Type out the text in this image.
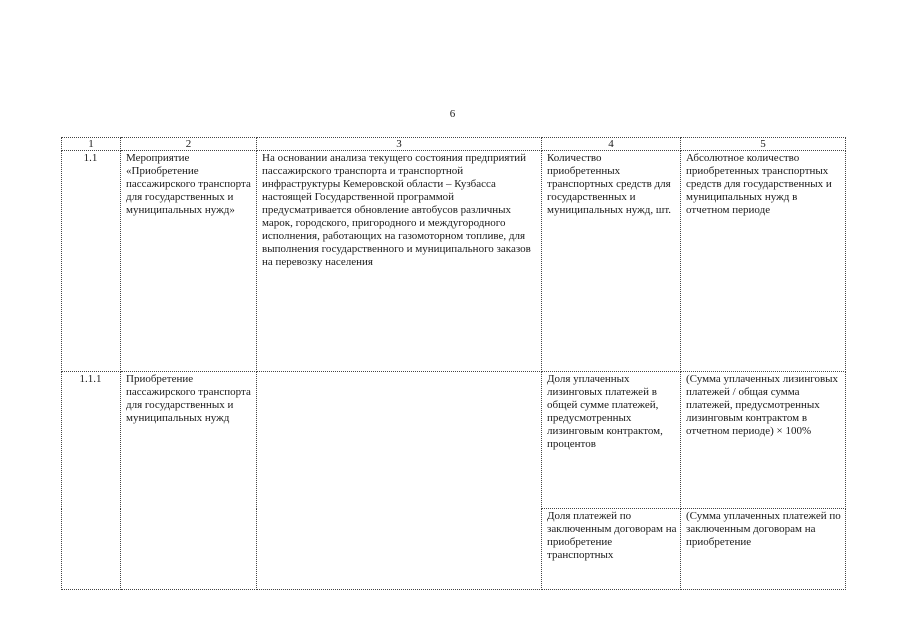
6
1	2	3	4	5
1.1	Мероприятие «Приобретение пассажирского транспорта для государственных и муниципальных нужд»	На основании анализа текущего состояния предприятий пассажирского транспорта и транспортной инфраструктуры Кемеровской области – Кузбасса настоящей Государственной программой предусматривается обновление автобусов различных марок, городского, пригородного и междугородного исполнения, работающих на газомоторном топливе, для выполнения государственного и муниципального заказов на перевозку населения	Количество приобретенных транспортных средств для государственных и муниципальных нужд, шт.	Абсолютное количество приобретенных транспортных средств для государственных и муниципальных нужд в отчетном периоде
1.1.1	Приобретение пассажирского транспорта для государственных и муниципальных нужд		Доля уплаченных лизинговых платежей в общей сумме платежей, предусмотренных лизинговым контрактом, процентов	(Сумма уплаченных лизинговых платежей / общая сумма платежей, предусмотренных лизинговым контрактом в отчетном периоде) × 100%

			Доля платежей по заключенным договорам на приобретение транспортных	(Сумма уплаченных платежей по заключенным договорам на приобретение
